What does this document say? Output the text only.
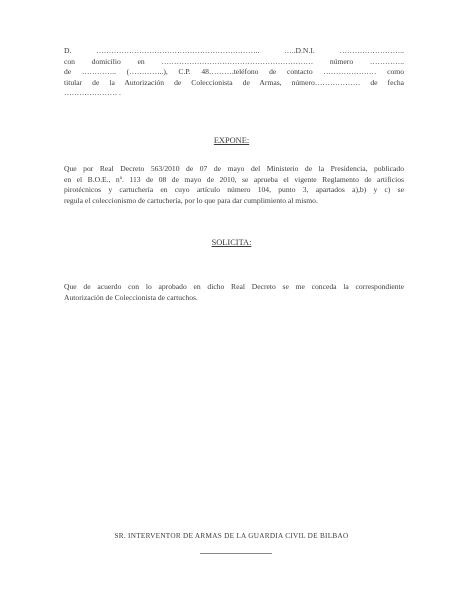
D. ……………………………………………………….. …..D.N.I. ……………………..
con domicilio en …………………………………………………… número …………..
de ………….. (…………..), C.P. 48……….teléfono de contacto ………………… como
titular de la Autorización de Coleccionista de Armas, número……………… de fecha
………………… .
EXPONE:
Que por Real Decreto 563/2010 de 07 de mayo del Ministerio de la Presidencia, publicado
en el B.O.E., nº. 113 de 08 de mayo de 2010, se aprueba el vigente Reglamento de artificios
pirotécnicos y cartuchería en cuyo artículo número 104, punto 3, apartados a),b) y c) se
regula el coleccionismo de cartuchería, por lo que para dar cumplimiento al mismo.
SOLICITA:
Que de acuerdo con lo aprobado en dicho Real Decreto se me conceda la correspondiente
Autorización de Coleccionista de cartuchos.
SR. INTERVENTOR DE ARMAS DE LA GUARDIA CIVIL DE BILBAO
